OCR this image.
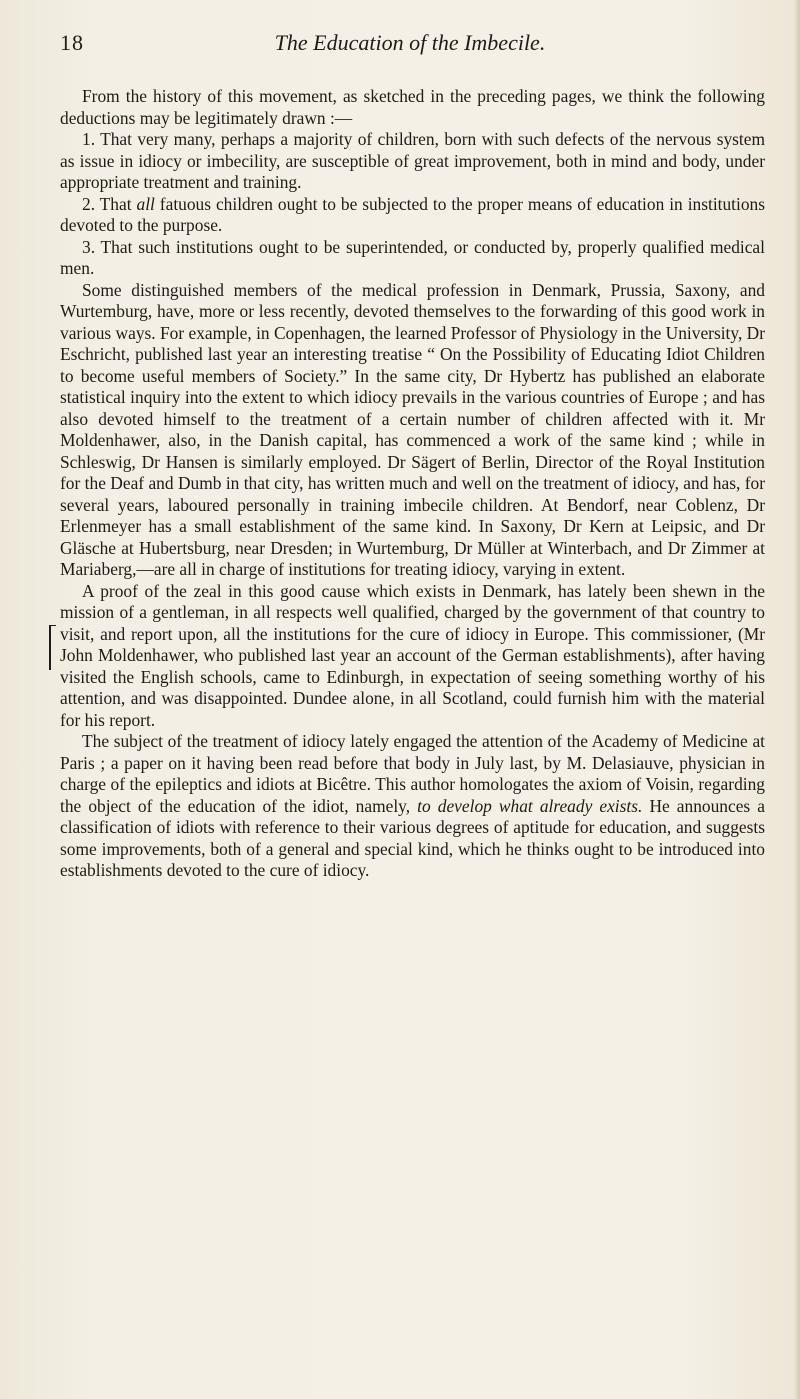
18	The Education of the Imbecile.

From the history of this movement, as sketched in the preceding pages, we think the following deductions may be legitimately drawn :—

1. That very many, perhaps a majority of children, born with such defects of the nervous system as issue in idiocy or imbecility, are susceptible of great improvement, both in mind and body, under appropriate treatment and training.

2. That all fatuous children ought to be subjected to the proper means of education in institutions devoted to the purpose.

3. That such institutions ought to be superintended, or conducted by, properly qualified medical men.

Some distinguished members of the medical profession in Denmark, Prussia, Saxony, and Wurtemburg, have, more or less recently, devoted themselves to the forwarding of this good work in various ways. For example, in Copenhagen, the learned Professor of Physiology in the University, Dr Eschricht, published last year an interesting treatise “ On the Possibility of Educating Idiot Children to become useful members of Society.” In the same city, Dr Hybertz has published an elaborate statistical inquiry into the extent to which idiocy prevails in the various countries of Europe ; and has also devoted himself to the treatment of a certain number of children affected with it. Mr Moldenhawer, also, in the Danish capital, has commenced a work of the same kind ; while in Schleswig, Dr Hansen is similarly employed. Dr Sägert of Berlin, Director of the Royal Institution for the Deaf and Dumb in that city, has written much and well on the treatment of idiocy, and has, for several years, laboured personally in training imbecile children. At Bendorf, near Coblenz, Dr Erlenmeyer has a small establishment of the same kind. In Saxony, Dr Kern at Leipsic, and Dr Gläsche at Hubertsburg, near Dresden; in Wurtemburg, Dr Müller at Winterbach, and Dr Zimmer at Mariaberg,—are all in charge of institutions for treating idiocy, varying in extent.

A proof of the zeal in this good cause which exists in Denmark, has lately been shewn in the mission of a gentleman, in all respects well qualified, charged by the government of that country to visit, and report upon, all the institutions for the cure of idiocy in Europe. This commissioner, (Mr John Moldenhawer, who published last year an account of the German establishments), after having visited the English schools, came to Edinburgh, in expectation of seeing something worthy of his attention, and was disappointed. Dundee alone, in all Scotland, could furnish him with the material for his report.

The subject of the treatment of idiocy lately engaged the attention of the Academy of Medicine at Paris ; a paper on it having been read before that body in July last, by M. Delasiauve, physician in charge of the epileptics and idiots at Bicêtre. This author homologates the axiom of Voisin, regarding the object of the education of the idiot, namely, to develop what already exists. He announces a classification of idiots with reference to their various degrees of aptitude for education, and suggests some improvements, both of a general and special kind, which he thinks ought to be introduced into establishments devoted to the cure of idiocy.
